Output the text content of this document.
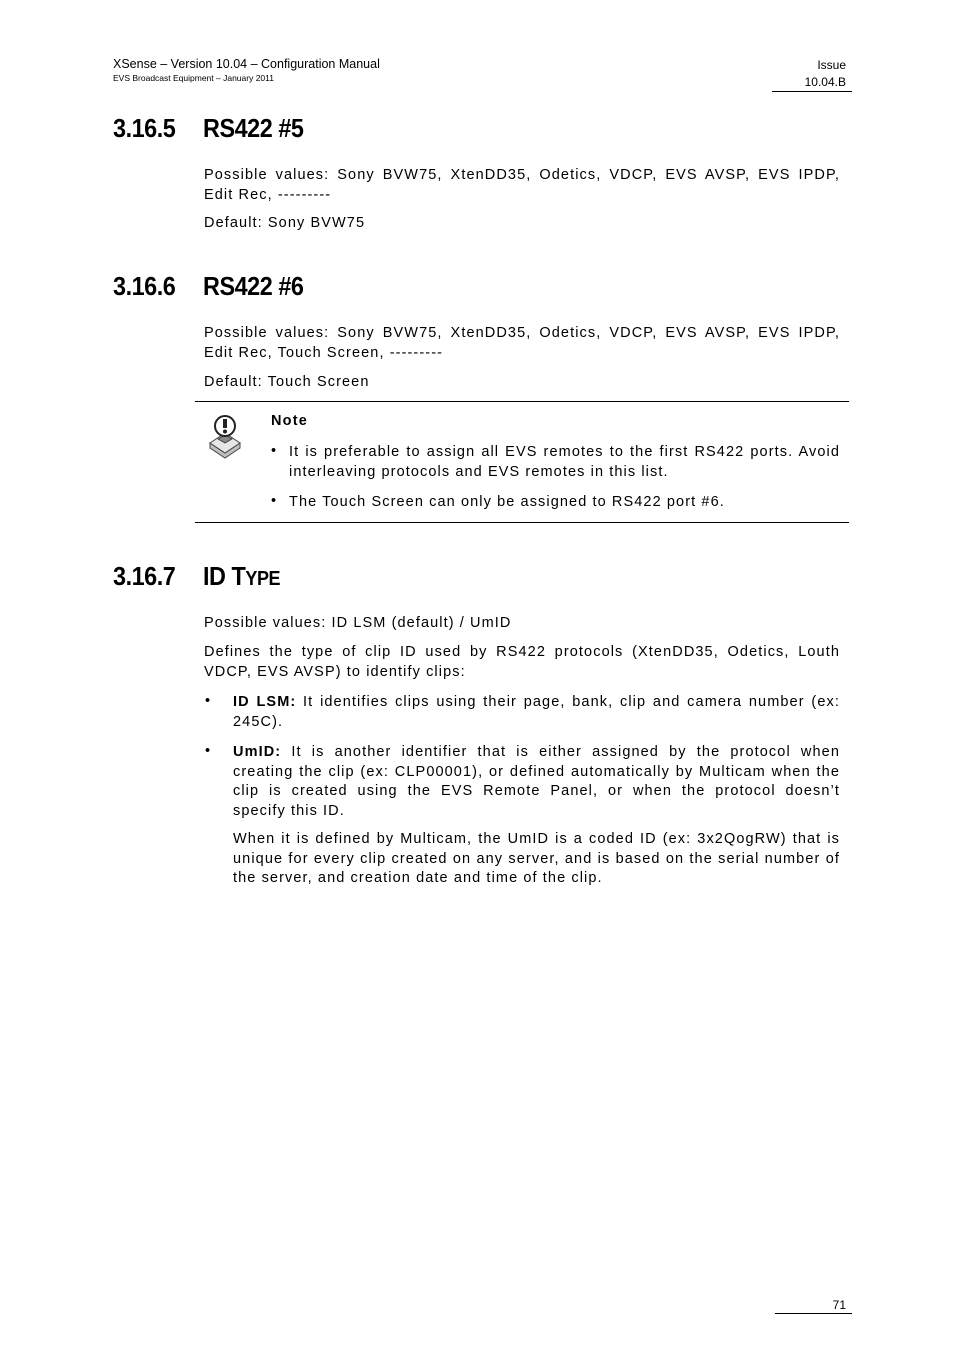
XSense – Version 10.04 – Configuration Manual
EVS Broadcast Equipment – January 2011
Issue
10.04.B
3.16.5 RS422 #5
Possible values: Sony BVW75, XtenDD35, Odetics, VDCP, EVS AVSP, EVS IPDP, Edit Rec, ---------
Default: Sony BVW75
3.16.6 RS422 #6
Possible values: Sony BVW75, XtenDD35, Odetics, VDCP, EVS AVSP, EVS IPDP, Edit Rec, Touch Screen, ---------
Default: Touch Screen
Note
• It is preferable to assign all EVS remotes to the first RS422 ports. Avoid interleaving protocols and EVS remotes in this list.
• The Touch Screen can only be assigned to RS422 port #6.
3.16.7 ID TYPE
Possible values: ID LSM (default) / UmID
Defines the type of clip ID used by RS422 protocols (XtenDD35, Odetics, Louth VDCP, EVS AVSP) to identify clips:
• ID LSM: It identifies clips using their page, bank, clip and camera number (ex: 245C).
• UmID: It is another identifier that is either assigned by the protocol when creating the clip (ex: CLP00001), or defined automatically by Multicam when the clip is created using the EVS Remote Panel, or when the protocol doesn’t specify this ID.
When it is defined by Multicam, the UmID is a coded ID (ex: 3x2QogRW) that is unique for every clip created on any server, and is based on the serial number of the server, and creation date and time of the clip.
71
